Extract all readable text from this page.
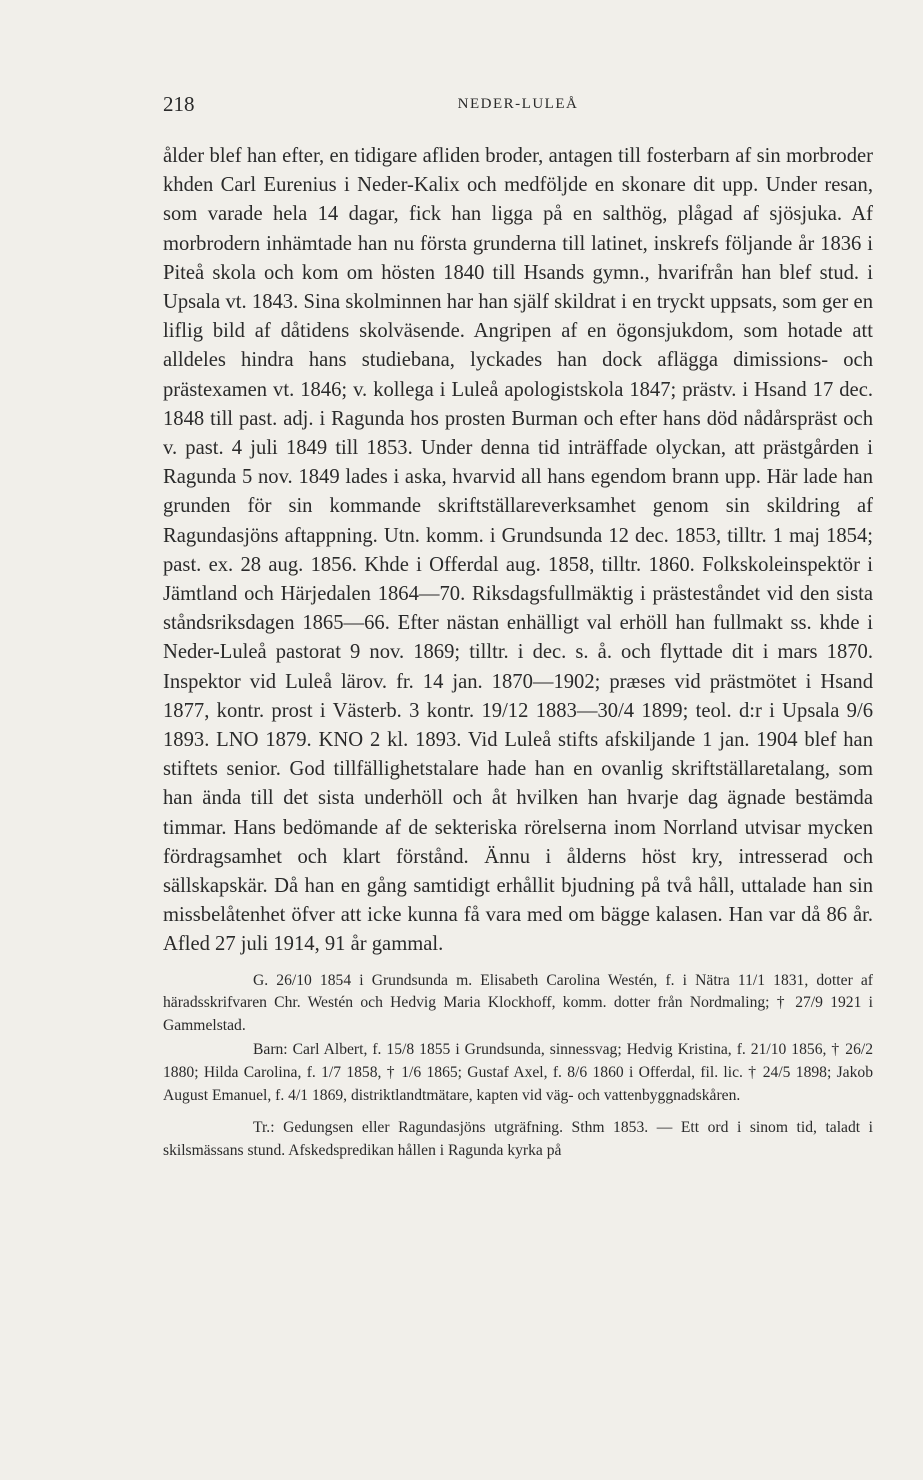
218	NEDER-LULEÅ

ålder blef han efter, en tidigare afliden broder, antagen till fosterbarn af sin morbroder khden Carl Eurenius i Neder-Kalix och medföljde en skonare dit upp. Under resan, som varade hela 14 dagar, fick han ligga på en salthög, plågad af sjösjuka. Af morbrodern inhämtade han nu första grunderna till latinet, inskrefs följande år 1836 i Piteå skola och kom om hösten 1840 till Hsands gymn., hvarifrån han blef stud. i Upsala vt. 1843. Sina skolminnen har han själf skildrat i en tryckt uppsats, som ger en liflig bild af dåtidens skolväsende. Angripen af en ögonsjukdom, som hotade att alldeles hindra hans studiebana, lyckades han dock aflägga dimissions- och prästexamen vt. 1846; v. kollega i Luleå apologistskola 1847; prästv. i Hsand 17 dec. 1848 till past. adj. i Ragunda hos prosten Burman och efter hans död nådårspräst och v. past. 4 juli 1849 till 1853. Under denna tid inträffade olyckan, att prästgården i Ragunda 5 nov. 1849 lades i aska, hvarvid all hans egendom brann upp. Här lade han grunden för sin kommande skriftställareverksamhet genom sin skildring af Ragundasjöns aftappning. Utn. komm. i Grundsunda 12 dec. 1853, tilltr. 1 maj 1854; past. ex. 28 aug. 1856. Khde i Offerdal aug. 1858, tilltr. 1860. Folkskoleinspektör i Jämtland och Härjedalen 1864—70. Riksdagsfullmäktig i prästeståndet vid den sista ståndsriksdagen 1865—66. Efter nästan enhälligt val erhöll han fullmakt ss. khde i Neder-Luleå pastorat 9 nov. 1869; tilltr. i dec. s. å. och flyttade dit i mars 1870. Inspektor vid Luleå lärov. fr. 14 jan. 1870—1902; præses vid prästmötet i Hsand 1877, kontr. prost i Västerb. 3 kontr. 19/12 1883—30/4 1899; teol. d:r i Upsala 9/6 1893. LNO 1879. KNO 2 kl. 1893. Vid Luleå stifts afskiljande 1 jan. 1904 blef han stiftets senior. God tillfällighetstalare hade han en ovanlig skriftställaretalang, som han ända till det sista underhöll och åt hvilken han hvarje dag ägnade bestämda timmar. Hans bedömande af de sekteriska rörelserna inom Norrland utvisar mycken fördragsamhet och klart förstånd. Ännu i ålderns höst kry, intresserad och sällskapskär. Då han en gång samtidigt erhållit bjudning på två håll, uttalade han sin missbelåtenhet öfver att icke kunna få vara med om bägge kalasen. Han var då 86 år. Afled 27 juli 1914, 91 år gammal.

G. 26/10 1854 i Grundsunda m. Elisabeth Carolina Westén, f. i Nätra 11/1 1831, dotter af häradsskrifvaren Chr. Westén och Hedvig Maria Klockhoff, komm. dotter från Nordmaling; † 27/9 1921 i Gammelstad.

Barn: Carl Albert, f. 15/8 1855 i Grundsunda, sinnessvag; Hedvig Kristina, f. 21/10 1856, † 26/2 1880; Hilda Carolina, f. 1/7 1858, † 1/6 1865; Gustaf Axel, f. 8/6 1860 i Offerdal, fil. lic. † 24/5 1898; Jakob August Emanuel, f. 4/1 1869, distriktlandtmätare, kapten vid väg- och vattenbyggnadskåren.

Tr.: Gedungsen eller Ragundasjöns utgräfning. Sthm 1853. — Ett ord i sinom tid, taladt i skilsmässans stund. Afskedspredikan hållen i Ragunda kyrka på
